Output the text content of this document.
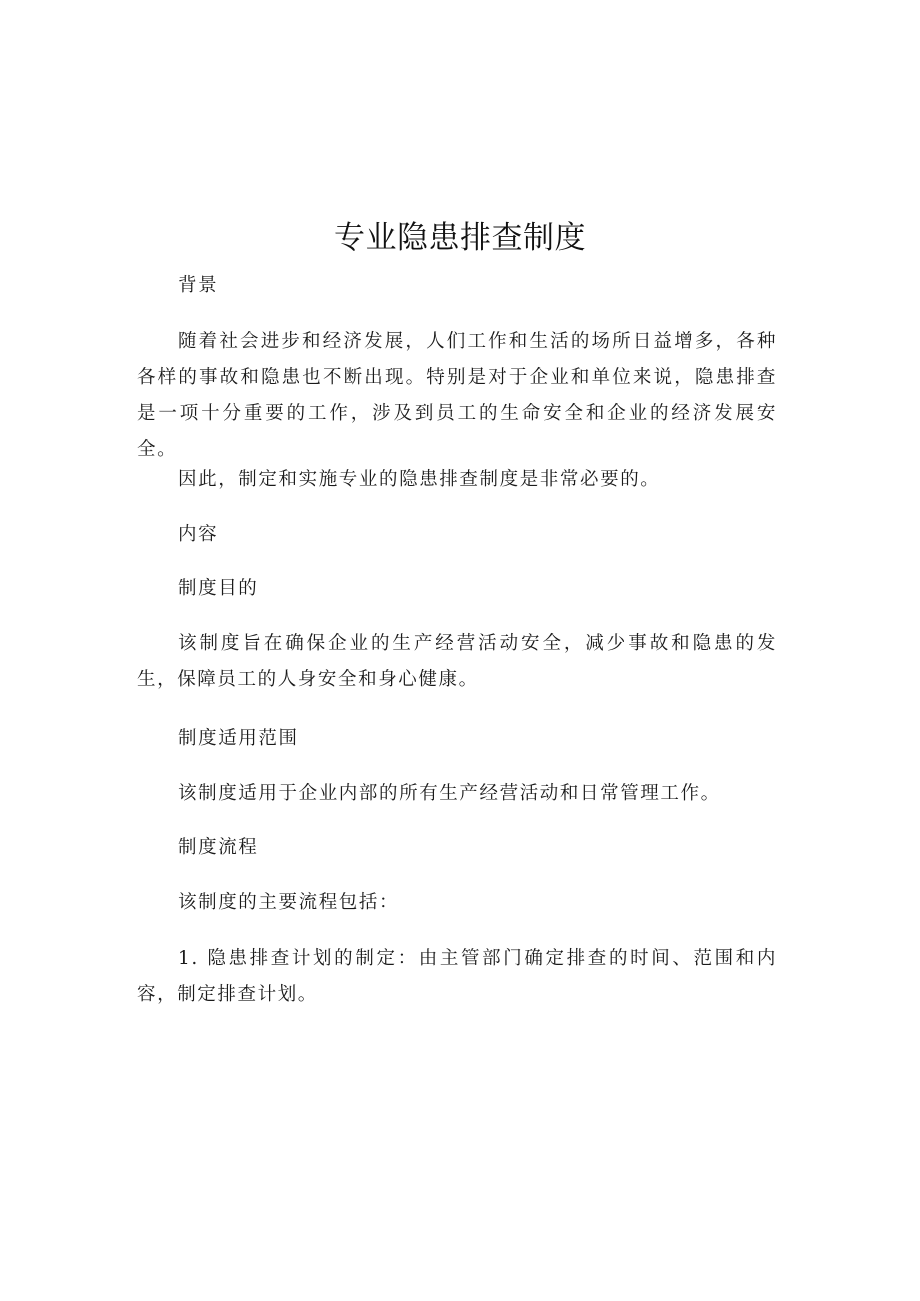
专业隐患排查制度

背景

随着社会进步和经济发展，人们工作和生活的场所日益增多，各种各样的事故和隐患也不断出现。特别是对于企业和单位来说，隐患排查是一项十分重要的工作，涉及到员工的生命安全和企业的经济发展安全。

因此，制定和实施专业的隐患排查制度是非常必要的。

内容

制度目的

该制度旨在确保企业的生产经营活动安全，减少事故和隐患的发生，保障员工的人身安全和身心健康。

制度适用范围

该制度适用于企业内部的所有生产经营活动和日常管理工作。

制度流程

该制度的主要流程包括：

1. 隐患排查计划的制定：由主管部门确定排查的时间、范围和内容，制定排查计划。
